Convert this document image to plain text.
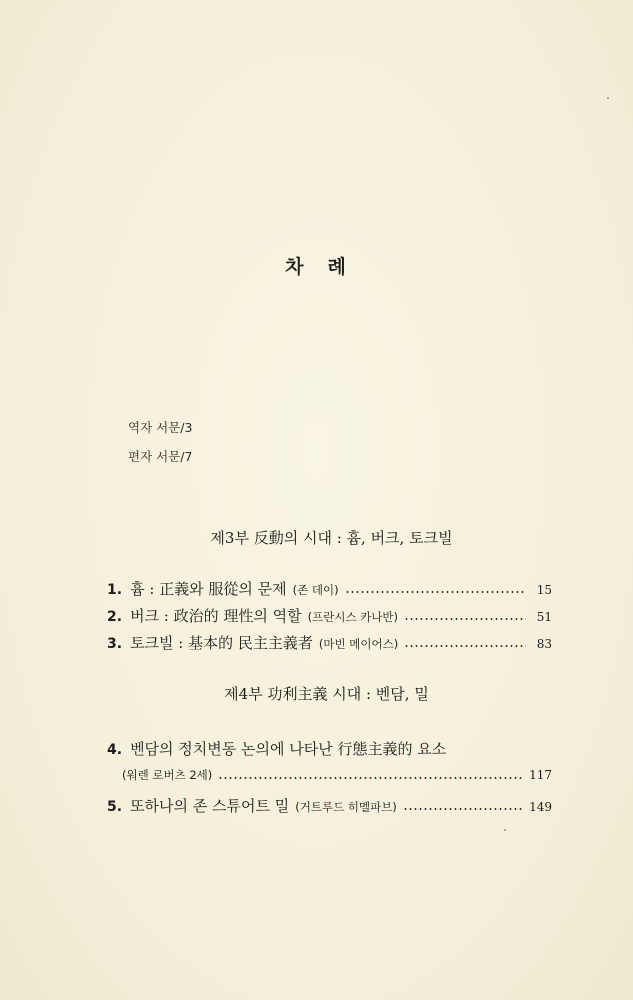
차 례
역자 서문/3
편자 서문/7
제3부 反動의 시대 : 흄, 버크, 토크빌
1. 흄 : 正義와 服從의 문제 (존 데이)	15
2. 버크 : 政治的 理性의 역할 (프란시스 카나반)	51
3. 토크빌 : 基本的 民主主義者 (마빈 메이어스)	83
제4부 功利主義 시대 : 벤담, 밀
4. 벤담의 정치변동 논의에 나타난 行態主義的 요소
(워렌 로버츠 2세)	117
5. 또하나의 존 스튜어트 밀 (거트루드 히멜파브)	149
